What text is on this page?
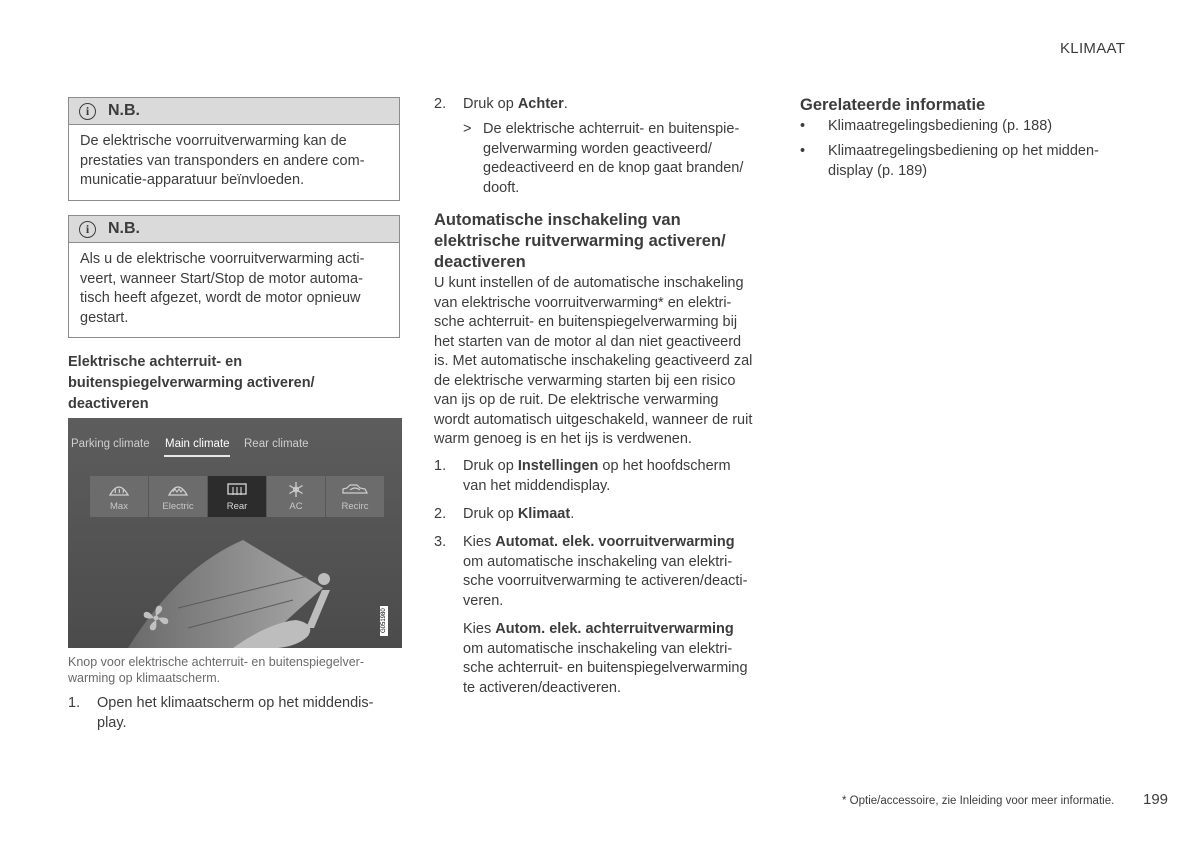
KLIMAAT
i	N.B.
De elektrische voorruitverwarming kan de
prestaties van transponders en andere com-
municatie-apparatuur beïnvloeden.
i	N.B.
Als u de elektrische voorruitverwarming acti-
veert, wanneer Start/Stop de motor automa-
tisch heeft afgezet, wordt de motor opnieuw
gestart.
Elektrische achterruit- en
buitenspiegelverwarming activeren/
deactiveren
Parking climate Main climate Rear climate
Max	Electric	Rear	AC	Recirc
G051980
Knop voor elektrische achterruit- en buitenspiegelver-
warming op klimaatscherm.
1. Open het klimaatscherm op het middendis-
play.
2. Druk op Achter.
> De elektrische achterruit- en buitenspie-
gelverwarming worden geactiveerd/
gedeactiveerd en de knop gaat branden/
dooft.
Automatische inschakeling van
elektrische ruitverwarming activeren/
deactiveren
U kunt instellen of de automatische inschakeling
van elektrische voorruitverwarming* en elektri-
sche achterruit- en buitenspiegelverwarming bij
het starten van de motor al dan niet geactiveerd
is. Met automatische inschakeling geactiveerd zal
de elektrische verwarming starten bij een risico
van ijs op de ruit. De elektrische verwarming
wordt automatisch uitgeschakeld, wanneer de ruit
warm genoeg is en het ijs is verdwenen.
1. Druk op Instellingen op het hoofdscherm
van het middendisplay.
2. Druk op Klimaat.
3. Kies Automat. elek. voorruitverwarming
om automatische inschakeling van elektri-
sche voorruitverwarming te activeren/deacti-
veren.
Kies Autom. elek. achterruitverwarming
om automatische inschakeling van elektri-
sche achterruit- en buitenspiegelverwarming
te activeren/deactiveren.
Gerelateerde informatie
• Klimaatregelingsbediening (p. 188)
• Klimaatregelingsbediening op het midden-
display (p. 189)
* Optie/accessoire, zie Inleiding voor meer informatie. 199
